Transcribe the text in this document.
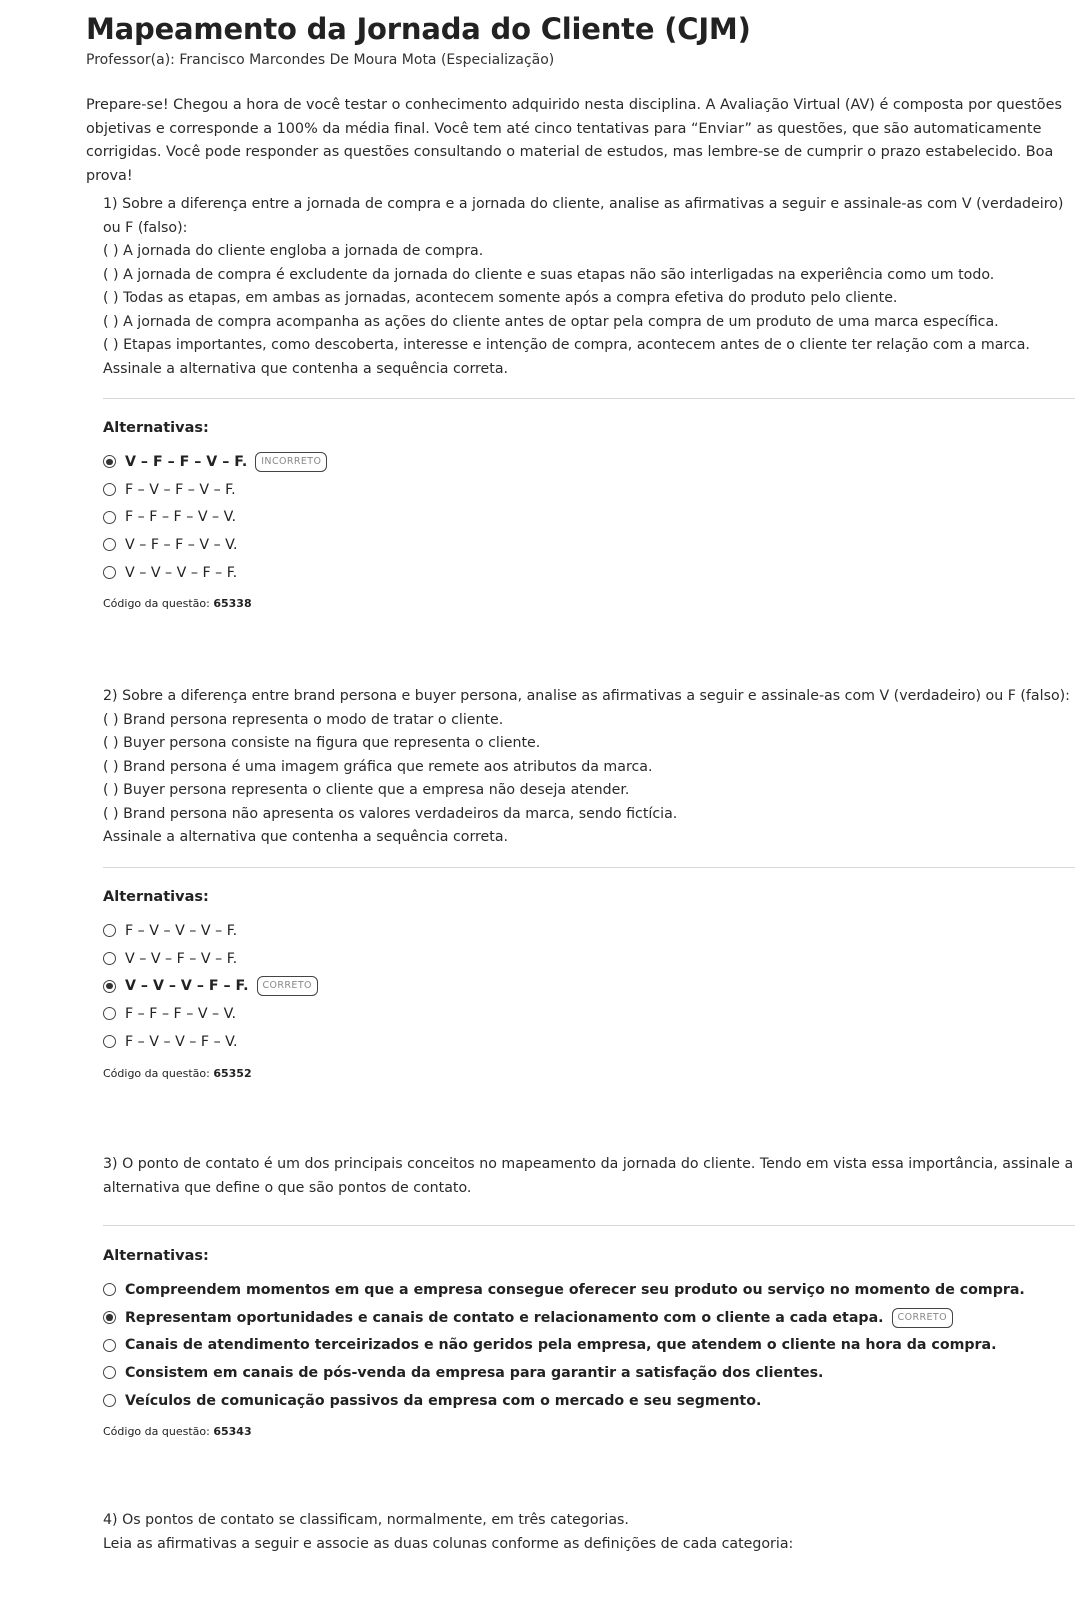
Mapeamento da Jornada do Cliente (CJM)
Professor(a): Francisco Marcondes De Moura Mota (Especialização)
Prepare-se! Chegou a hora de você testar o conhecimento adquirido nesta disciplina. A Avaliação Virtual (AV) é composta por questões objetivas e corresponde a 100% da média final. Você tem até cinco tentativas para “Enviar” as questões, que são automaticamente corrigidas. Você pode responder as questões consultando o material de estudos, mas lembre-se de cumprir o prazo estabelecido. Boa prova!

1) Sobre a diferença entre a jornada de compra e a jornada do cliente, analise as afirmativas a seguir e assinale-as com V (verdadeiro) ou F (falso):

( ) A jornada do cliente engloba a jornada de compra.

( ) A jornada de compra é excludente da jornada do cliente e suas etapas não são interligadas na experiência como um todo.

( ) Todas as etapas, em ambas as jornadas, acontecem somente após a compra efetiva do produto pelo cliente.

( ) A jornada de compra acompanha as ações do cliente antes de optar pela compra de um produto de uma marca específica.

( ) Etapas importantes, como descoberta, interesse e intenção de compra, acontecem antes de o cliente ter relação com a marca.

Assinale a alternativa que contenha a sequência correta.

Alternativas:
V – F – F – V – F.	INCORRETO
F – V – F – V – F.
F – F – F – V – V.
V – F – F – V – V.
V – V – V – F – F.
Código da questão: 65338

2) Sobre a diferença entre brand persona e buyer persona, analise as afirmativas a seguir e assinale-as com V (verdadeiro) ou F (falso):

( ) Brand persona representa o modo de tratar o cliente.

( ) Buyer persona consiste na figura que representa o cliente.

( ) Brand persona é uma imagem gráfica que remete aos atributos da marca.

( ) Buyer persona representa o cliente que a empresa não deseja atender.

( ) Brand persona não apresenta os valores verdadeiros da marca, sendo fictícia.

Assinale a alternativa que contenha a sequência correta.

Alternativas:
F – V – V – V – F.
V – V – F – V – F.
V – V – V – F – F.	CORRETO
F – F – F – V – V.
F – V – V – F – V.
Código da questão: 65352

3) O ponto de contato é um dos principais conceitos no mapeamento da jornada do cliente. Tendo em vista essa importância, assinale a alternativa que define o que são pontos de contato.

Alternativas:
Compreendem momentos em que a empresa consegue oferecer seu produto ou serviço no momento de compra.
Representam oportunidades e canais de contato e relacionamento com o cliente a cada etapa.	CORRETO
Canais de atendimento terceirizados e não geridos pela empresa, que atendem o cliente na hora da compra.
Consistem em canais de pós-venda da empresa para garantir a satisfação dos clientes.
Veículos de comunicação passivos da empresa com o mercado e seu segmento.
Código da questão: 65343

4) Os pontos de contato se classificam, normalmente, em três categorias.

Leia as afirmativas a seguir e associe as duas colunas conforme as definições de cada categoria:
